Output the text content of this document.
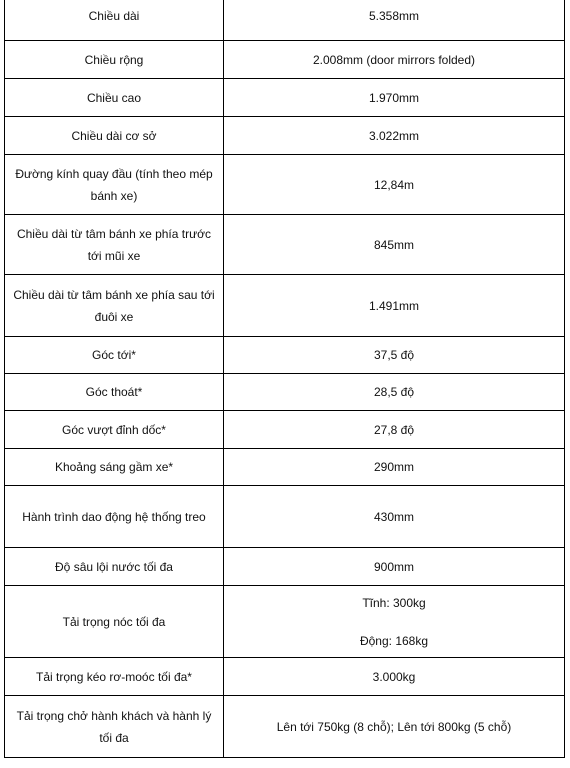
Chiều dài	5.358mm
Chiều rộng	2.008mm (door mirrors folded)
Chiều cao	1.970mm
Chiều dài cơ sở	3.022mm
Đường kính quay đầu (tính theo mép bánh xe)	12,84m
Chiều dài từ tâm bánh xe phía trước tới mũi xe	845mm
Chiều dài từ tâm bánh xe phía sau tới đuôi xe	1.491mm
Góc tới*	37,5 độ
Góc thoát*	28,5 độ
Góc vượt đỉnh dốc*	27,8 độ
Khoảng sáng gầm xe*	290mm
Hành trình dao động hệ thống treo	430mm
Độ sâu lội nước tối đa	900mm
Tải trọng nóc tối đa	Tĩnh: 300kg
Động: 168kg

Tải trọng kéo rơ-moóc tối đa*	3.000kg
Tải trọng chở hành khách và hành lý tối đa	Lên tới 750kg (8 chỗ); Lên tới 800kg (5 chỗ)
